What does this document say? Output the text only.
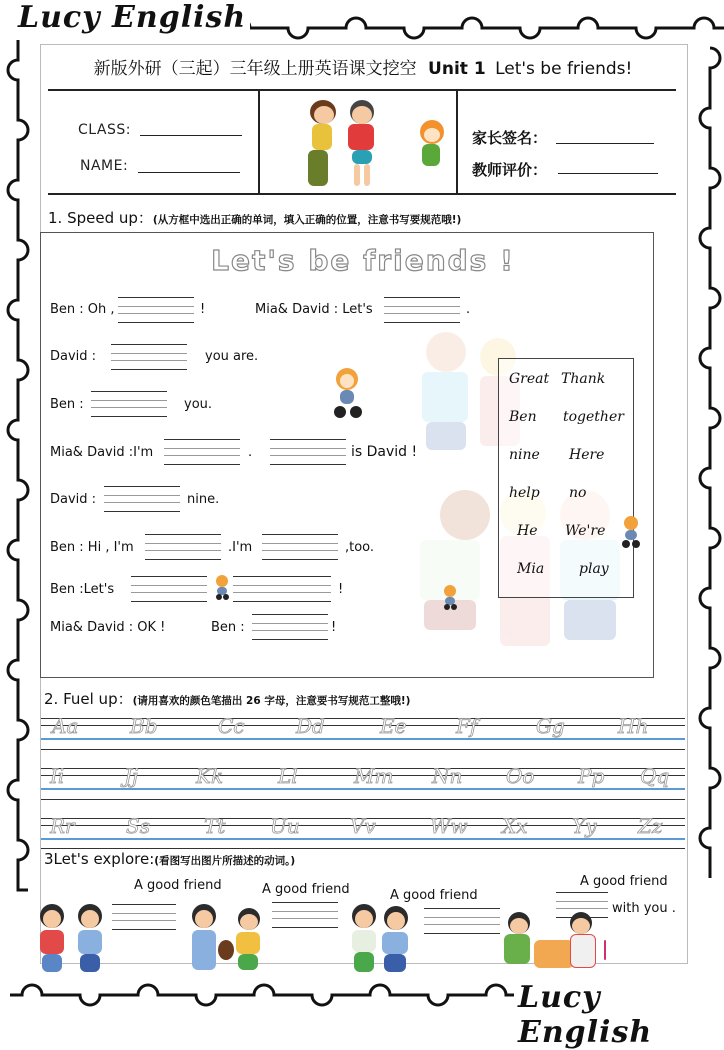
Lucy English
新版外研（三起）三年级上册英语课文挖空 Unit 1 Let's be friends!
CLASS:
NAME:
家长签名：
教师评价：
1. Speed up：(从方框中选出正确的单词，填入正确的位置，注意书写要规范哦!)
Let's be friends !
Ben : Oh ,	!	Mia& David : Let's	.
David :	you are.
Ben :	you.
Mia& David :I'm	.	is David !
David :	nine.
Ben : Hi , I'm	.I'm	,too.
Ben :Let's	!
Mia& David : OK !	Ben :	!
Great Thank
Ben together
nine Here
help no
He We're
Mia play
2. Fuel up：(请用喜欢的颜色笔描出 26 字母，注意要书写规范工整哦!)
Aa	Bb	Cc	Dd	Ee Ff	Gg	Hh
Ii	Jj	Kk	Ll	Mm Nn Oo Pp Qq
Rr	Ss	Tt Uu	Vv	Ww Xx Yy Zz
3Let's explore:(看图写出图片所描述的动词。)
A good friend	A good friend	A good friend
A good friend
with you .
Lucy English
